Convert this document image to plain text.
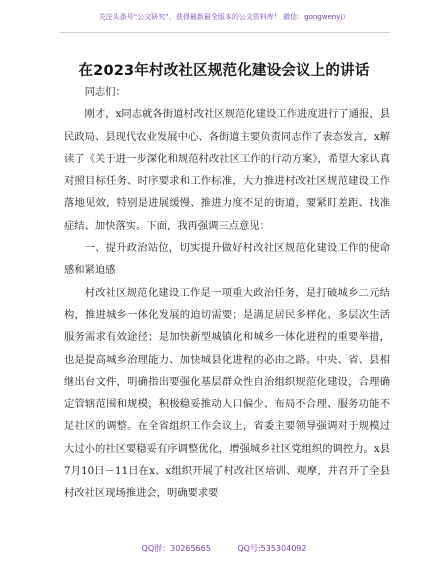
关注头条号“公文研究”，获得最新最全版本的公文资料库！ 微信：gongwenyj）
在2023年村改社区规范化建设会议上的讲话

同志们：

刚才，x同志就各街道村改社区规范化建设工作进度进行了通报，县民政局、县现代农业发展中心、各街道主要负责同志作了表态发言，x解读了《关于进一步深化和规范村改社区工作的行动方案》，希望大家认真对照目标任务、时序要求和工作标准，大力推进村改社区规范建设工作落地见效，特别是进展缓慢、推进力度不足的街道，要紧盯差距、找准症结、加快落实。下面，我再强调三点意见：

一、提升政治站位，切实提升做好村改社区规范化建设工作的使命感和紧迫感

村改社区规范化建设工作是一项重大政治任务，是打破城乡二元结构，推进城乡一体化发展的迫切需要；是满足居民多样化、多层次生活服务需求有效途径；是加快新型城镇化和城乡一体化进程的重要举措，也是提高城乡治理能力、加快城县化进程的必由之路。中央、省、县相继出台文件，明确指出要强化基层群众性自治组织规范化建设，合理确定管辖范围和规模，积极稳妥推动人口偏少、布局不合理、服务功能不足社区的调整。在全省组织工作会议上，省委主要领导强调对于规模过大过小的社区要稳妥有序调整优化，增强城乡社区党组织的调控力。x县7月10日－11日在x、x组织开展了村改社区培训、观摩，并召开了全县村改社区现场推进会，明确要求要

QQ群：30265665	QQ号:535304092
